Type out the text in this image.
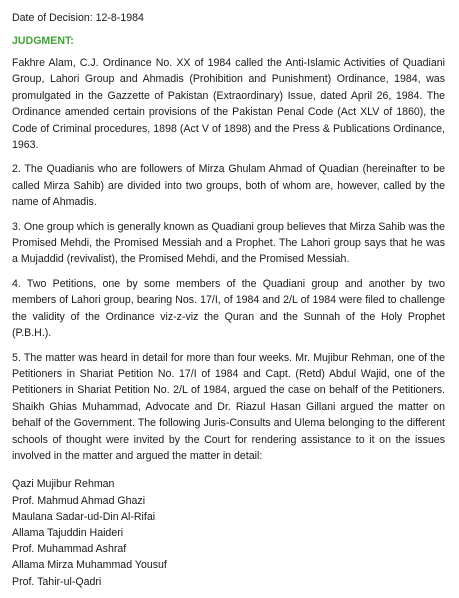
Date of Decision: 12-8-1984
JUDGMENT:

Fakhre Alam, C.J. Ordinance No. XX of 1984 called the Anti-Islamic Activities of Quadiani Group, Lahori Group and Ahmadis (Prohibition and Punishment) Ordinance, 1984, was promulgated in the Gazzette of Pakistan (Extraordinary) Issue, dated April 26, 1984. The Ordinance amended certain provisions of the Pakistan Penal Code (Act XLV of 1860), the Code of Criminal procedures, 1898 (Act V of 1898) and the Press & Publications Ordinance, 1963.

2. The Quadianis who are followers of Mirza Ghulam Ahmad of Quadian (hereinafter to be called Mirza Sahib) are divided into two groups, both of whom are, however, called by the name of Ahmadis.

3. One group which is generally known as Quadiani group believes that Mirza Sahib was the Promised Mehdi, the Promised Messiah and a Prophet. The Lahori group says that he was a Mujaddid (revivalist), the Promised Mehdi, and the Promised Messiah.

4. Two Petitions, one by some members of the Quadiani group and another by two members of Lahori group, bearing Nos. 17/I, of 1984 and 2/L of 1984 were filed to challenge the validity of the Ordinance viz-z-viz the Quran and the Sunnah of the Holy Prophet (P.B.H.).

5. The matter was heard in detail for more than four weeks. Mr. Mujibur Rehman, one of the Petitioners in Shariat Petition No. 17/I of 1984 and Capt. (Retd) Abdul Wajid, one of the Petitioners in Shariat Petition No. 2/L of 1984, argued the case on behalf of the Petitioners. Shaikh Ghias Muhammad, Advocate and Dr. Riazul Hasan Gillani argued the matter on behalf of the Government. The following Juris-Consults and Ulema belonging to the different schools of thought were invited by the Court for rendering assistance to it on the issues involved in the matter and argued the matter in detail:

Qazi Mujibur Rehman
Prof. Mahmud Ahmad Ghazi
Maulana Sadar-ud-Din Al-Rifai
Allama Tajuddin Haideri
Prof. Muhammad Ashraf
Allama Mirza Muhammad Yousuf
Prof. Tahir-ul-Qadri
